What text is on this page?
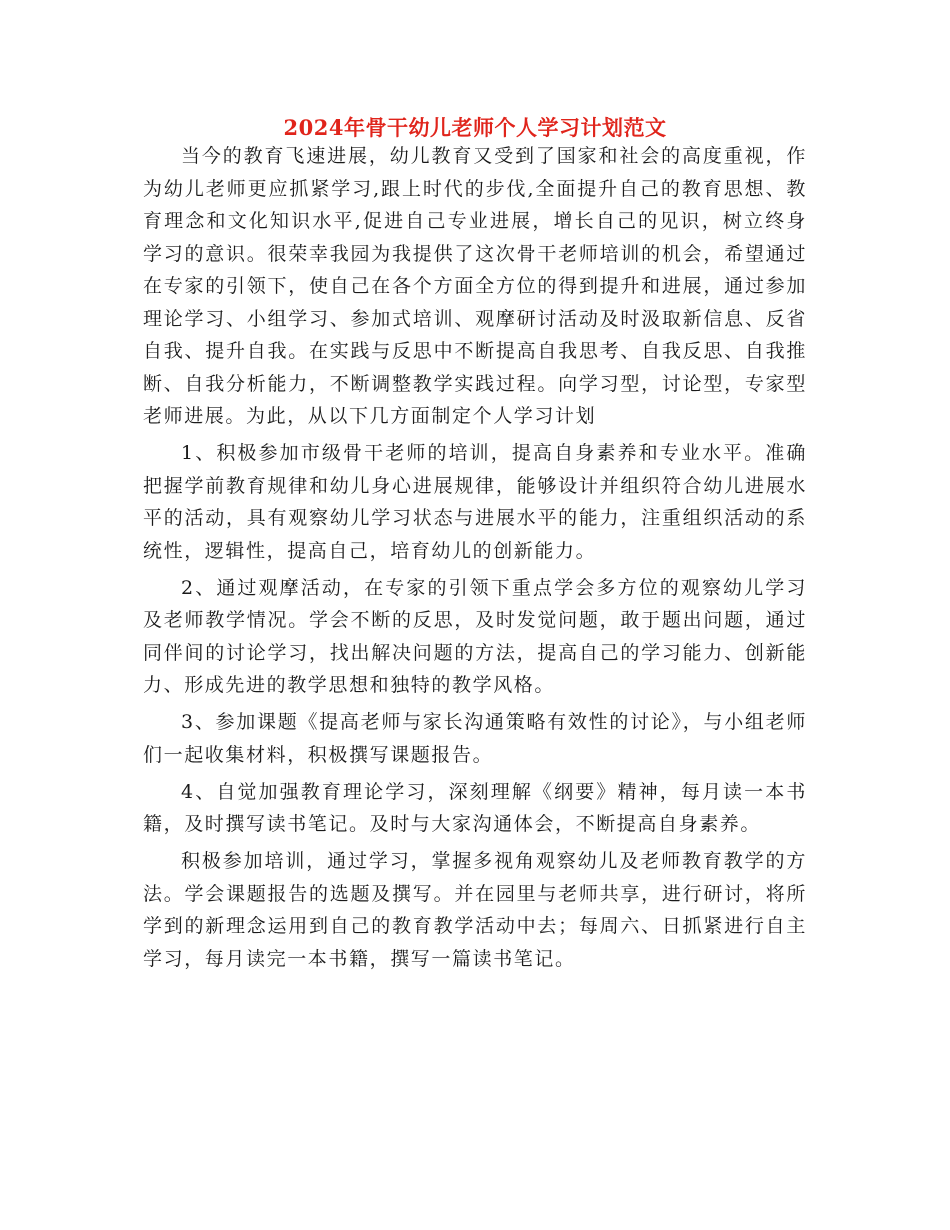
2024年骨干幼儿老师个人学习计划范文

当今的教育飞速进展，幼儿教育又受到了国家和社会的高度重视，作为幼儿老师更应抓紧学习,跟上时代的步伐,全面提升自己的教育思想、教育理念和文化知识水平,促进自己专业进展，增长自己的见识，树立终身学习的意识。很荣幸我园为我提供了这次骨干老师培训的机会，希望通过在专家的引领下，使自己在各个方面全方位的得到提升和进展，通过参加理论学习、小组学习、参加式培训、观摩研讨活动及时汲取新信息、反省自我、提升自我。在实践与反思中不断提高自我思考、自我反思、自我推断、自我分析能力，不断调整教学实践过程。向学习型，讨论型，专家型老师进展。为此，从以下几方面制定个人学习计划

1、积极参加市级骨干老师的培训，提高自身素养和专业水平。准确把握学前教育规律和幼儿身心进展规律，能够设计并组织符合幼儿进展水平的活动，具有观察幼儿学习状态与进展水平的能力，注重组织活动的系统性，逻辑性，提高自己，培育幼儿的创新能力。

2、通过观摩活动，在专家的引领下重点学会多方位的观察幼儿学习及老师教学情况。学会不断的反思，及时发觉问题，敢于题出问题，通过同伴间的讨论学习，找出解决问题的方法，提高自己的学习能力、创新能力、形成先进的教学思想和独特的教学风格。

3、参加课题《提高老师与家长沟通策略有效性的讨论》，与小组老师们一起收集材料，积极撰写课题报告。

4、自觉加强教育理论学习，深刻理解《纲要》精神，每月读一本书籍，及时撰写读书笔记。及时与大家沟通体会，不断提高自身素养。

积极参加培训，通过学习，掌握多视角观察幼儿及老师教育教学的方法。学会课题报告的选题及撰写。并在园里与老师共享，进行研讨，将所学到的新理念运用到自己的教育教学活动中去；每周六、日抓紧进行自主学习，每月读完一本书籍，撰写一篇读书笔记。
